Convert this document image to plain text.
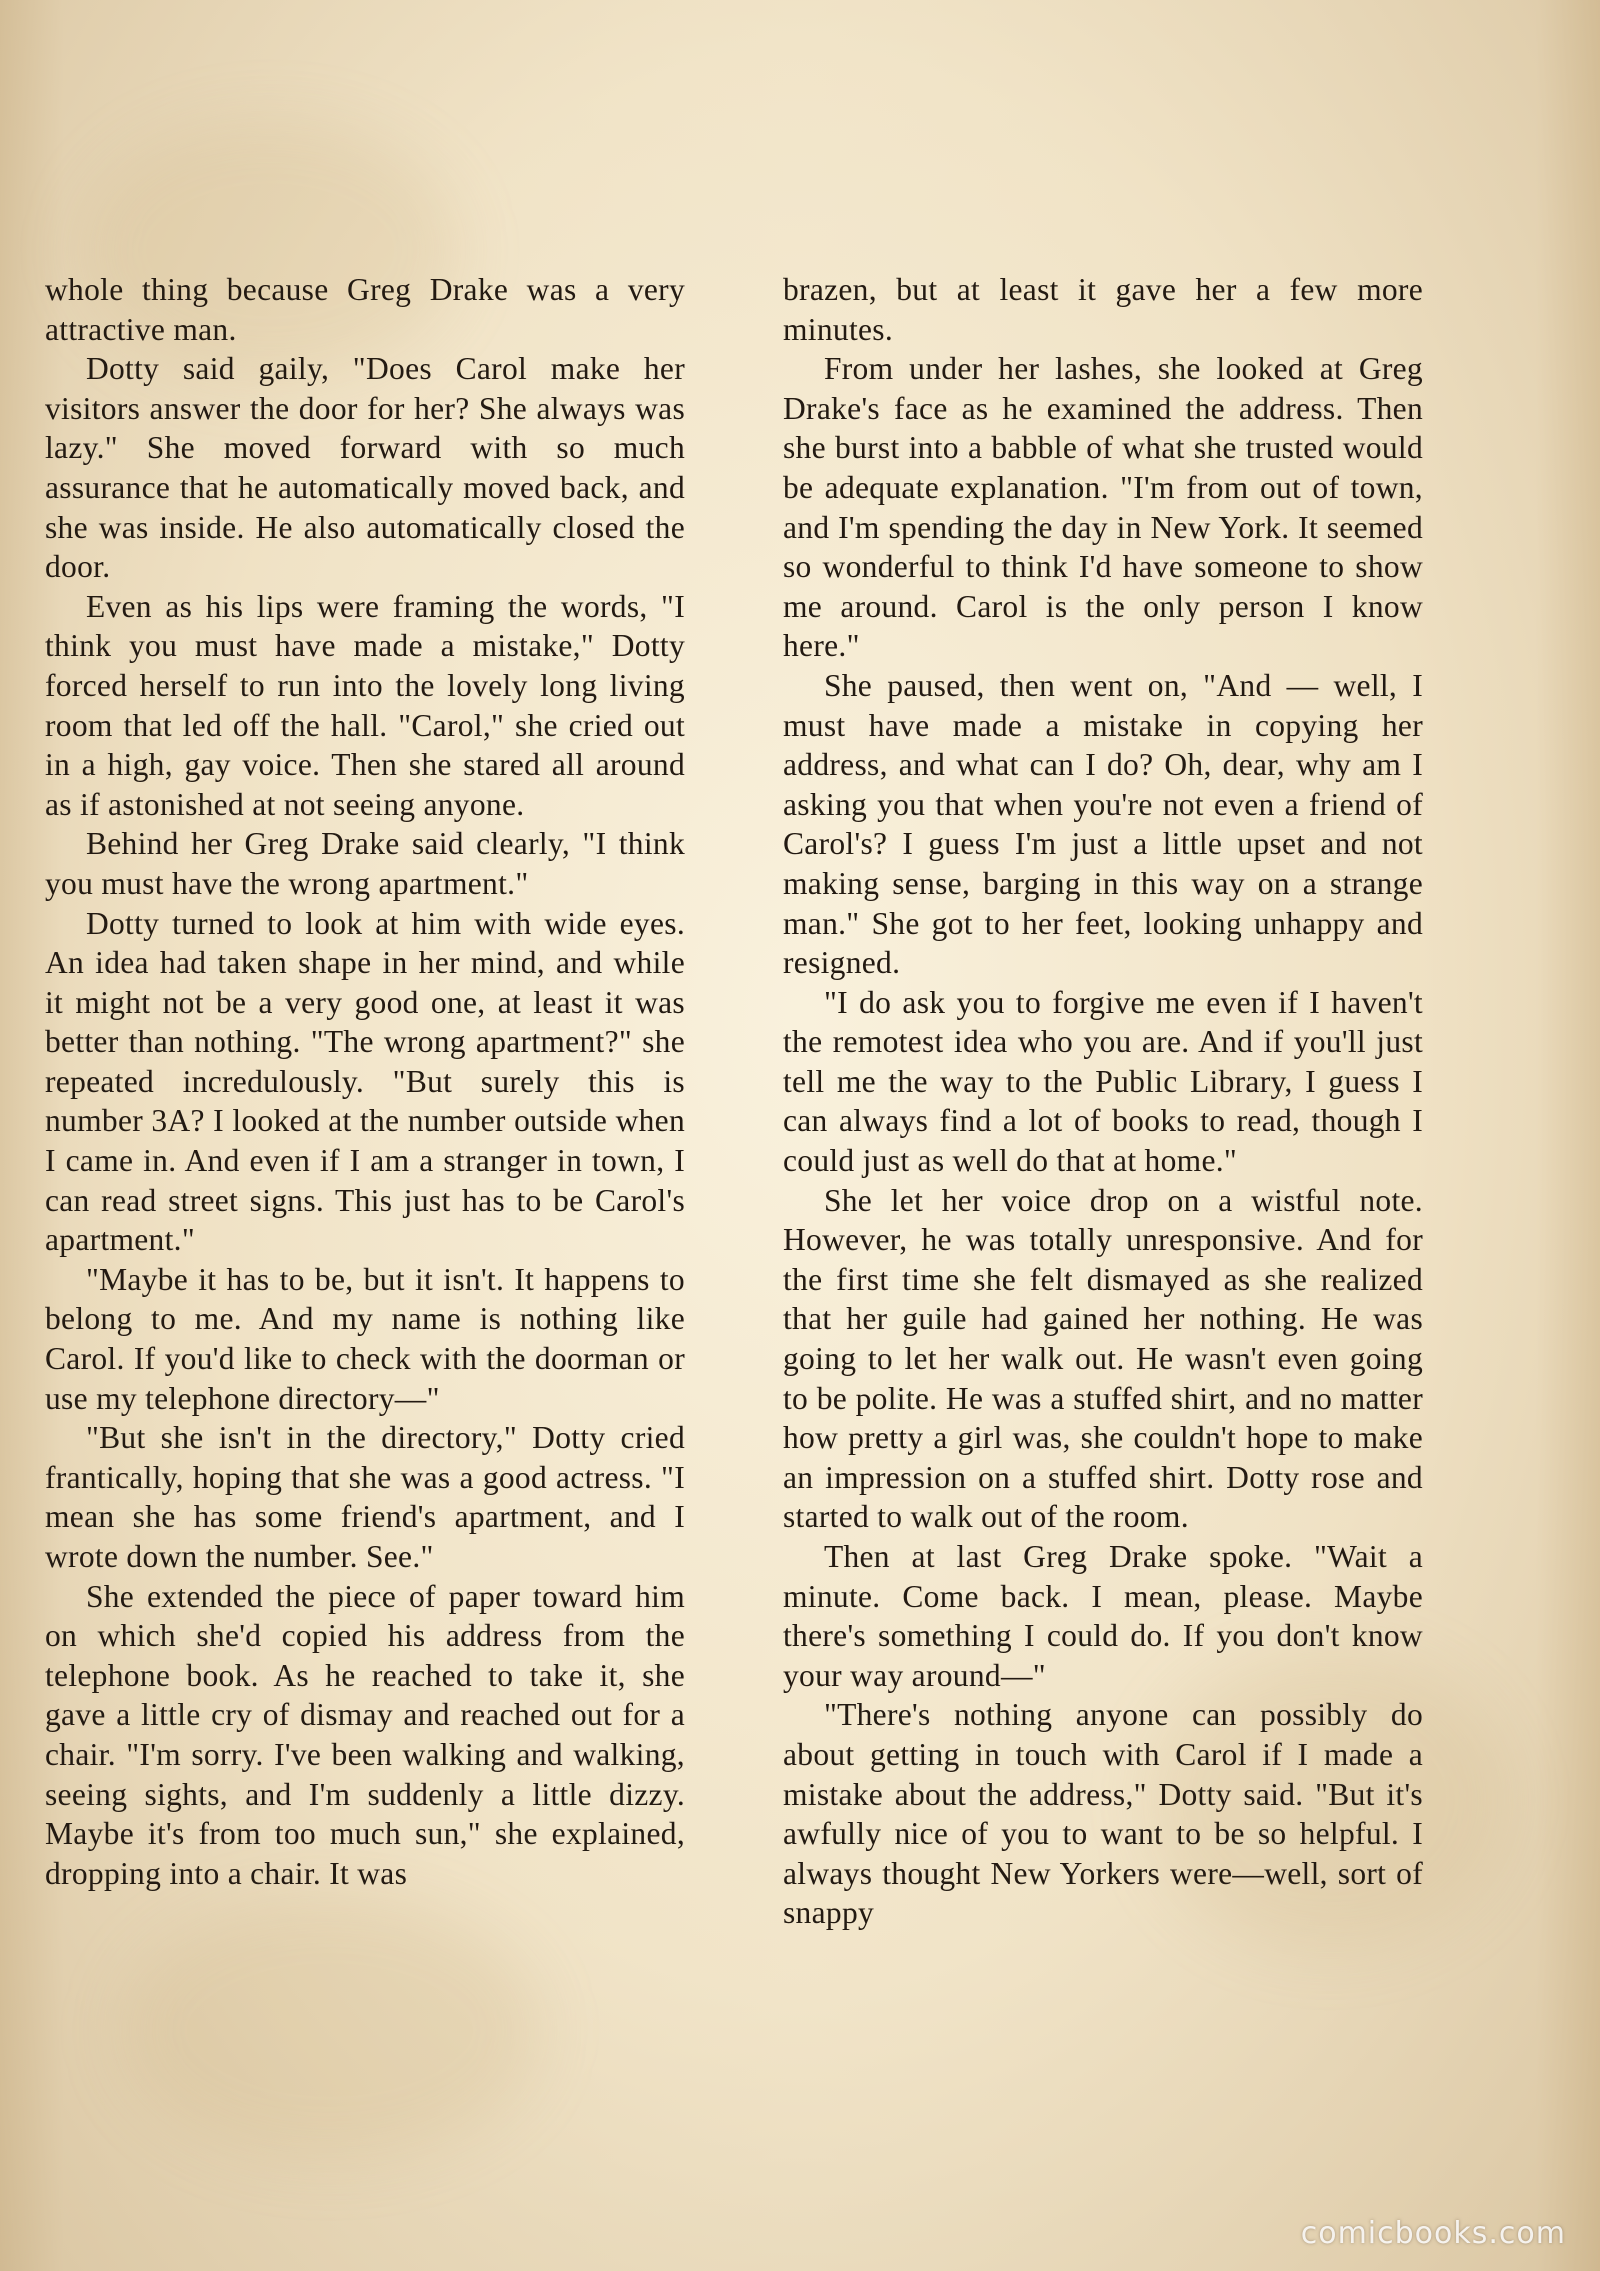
whole thing because Greg Drake was a very attractive man.

Dotty said gaily, "Does Carol make her visitors answer the door for her? She always was lazy." She moved forward with so much assurance that he automatically moved back, and she was inside. He also automatically closed the door.

Even as his lips were framing the words, "I think you must have made a mistake," Dotty forced herself to run into the lovely long living room that led off the hall. "Carol," she cried out in a high, gay voice. Then she stared all around as if astonished at not seeing anyone.

Behind her Greg Drake said clearly, "I think you must have the wrong apartment."

Dotty turned to look at him with wide eyes. An idea had taken shape in her mind, and while it might not be a very good one, at least it was better than nothing. "The wrong apartment?" she repeated incredulously. "But surely this is number 3A? I looked at the number outside when I came in. And even if I am a stranger in town, I can read street signs. This just has to be Carol's apartment."

"Maybe it has to be, but it isn't. It happens to belong to me. And my name is nothing like Carol. If you'd like to check with the doorman or use my telephone directory—"

"But she isn't in the directory," Dotty cried frantically, hoping that she was a good actress. "I mean she has some friend's apartment, and I wrote down the number. See."

She extended the piece of paper toward him on which she'd copied his address from the telephone book. As he reached to take it, she gave a little cry of dismay and reached out for a chair. "I'm sorry. I've been walking and walking, seeing sights, and I'm suddenly a little dizzy. Maybe it's from too much sun," she explained, dropping into a chair. It was

brazen, but at least it gave her a few more minutes.

From under her lashes, she looked at Greg Drake's face as he examined the address. Then she burst into a babble of what she trusted would be adequate explanation. "I'm from out of town, and I'm spending the day in New York. It seemed so wonderful to think I'd have someone to show me around. Carol is the only person I know here."

She paused, then went on, "And — well, I must have made a mistake in copying her address, and what can I do? Oh, dear, why am I asking you that when you're not even a friend of Carol's? I guess I'm just a little upset and not making sense, barging in this way on a strange man." She got to her feet, looking unhappy and resigned.

"I do ask you to forgive me even if I haven't the remotest idea who you are. And if you'll just tell me the way to the Public Library, I guess I can always find a lot of books to read, though I could just as well do that at home."

She let her voice drop on a wistful note. However, he was totally unresponsive. And for the first time she felt dismayed as she realized that her guile had gained her nothing. He was going to let her walk out. He wasn't even going to be polite. He was a stuffed shirt, and no matter how pretty a girl was, she couldn't hope to make an impression on a stuffed shirt. Dotty rose and started to walk out of the room.

Then at last Greg Drake spoke. "Wait a minute. Come back. I mean, please. Maybe there's something I could do. If you don't know your way around—"

"There's nothing anyone can possibly do about getting in touch with Carol if I made a mistake about the address," Dotty said. "But it's awfully nice of you to want to be so helpful. I always thought New Yorkers were—well, sort of snappy

comicbooks.com
